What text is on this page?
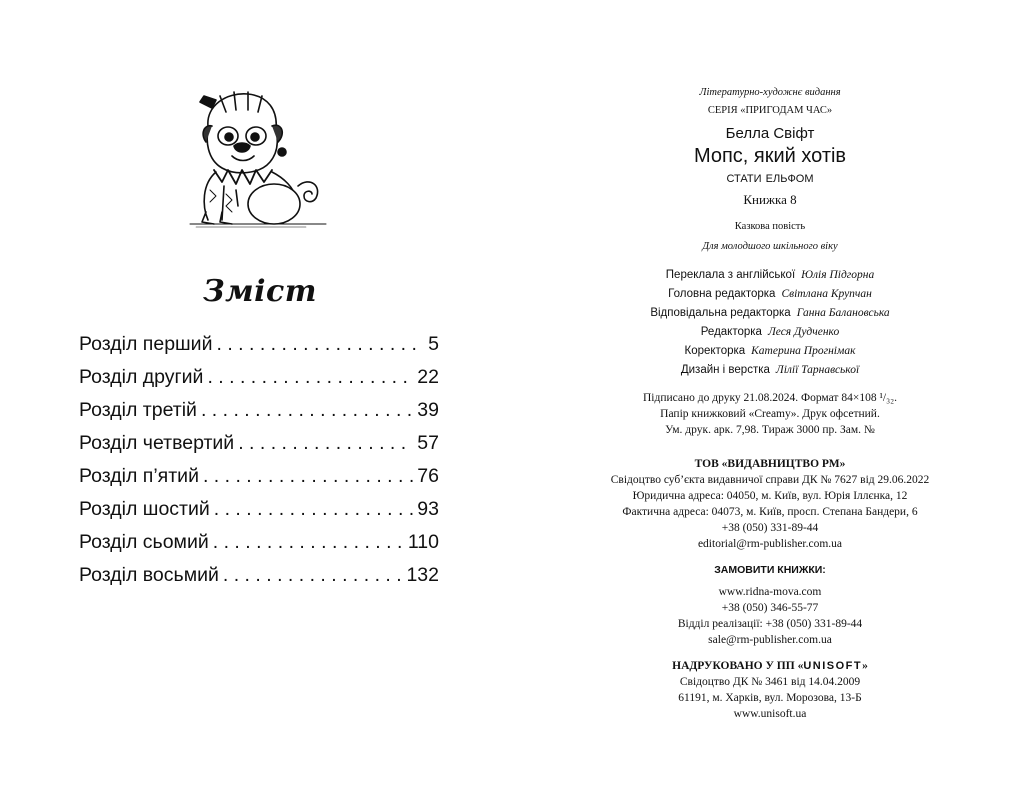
Зміст
Розділ перший . . .	5
Розділ другий . . .	22
Розділ третій . . .	39
Розділ четвертий . . .	57
Розділ п’ятий . . .	76
Розділ шостий . . .	93
Розділ сьомий . . .	110
Розділ восьмий . . .	132
Літературно-художнє видання
СЕРІЯ «ПРИГОДАМ ЧАС»
Белла Свіфт
Мопс, який хотів
стати ельфом
Книжка 8
Казкова повість
Для молодшого шкільного віку
Переклала з англійської Юлія Підгорна
Головна редакторка Світлана Крупчан
Відповідальна редакторка Ганна Балановська
Редакторка Леся Дудченко
Коректорка Катерина Прогнімак
Дизайн і верстка Лілії Тарнавської
Підписано до друку 21.08.2024. Формат 84×108 ¹/₃₂.
Папір книжковий «Creamy». Друк офсетний.
Ум. друк. арк. 7,98. Тираж 3000 пр. Зам. №
ТОВ «ВИДАВНИЦТВО РМ»
Свідоцтво суб’єкта видавничої справи ДК № 7627 від 29.06.2022
Юридична адреса: 04050, м. Київ, вул. Юрія Іллєнка, 12
Фактична адреса: 04073, м. Київ, просп. Степана Бандери, 6
+38 (050) 331-89-44
editorial@rm-publisher.com.ua
ЗАМОВИТИ КНИЖКИ:
www.ridna-mova.com
+38 (050) 346-55-77
Відділ реалізації: +38 (050) 331-89-44
sale@rm-publisher.com.ua
НАДРУКОВАНО У ПП «UNISOFT»
Свідоцтво ДК № 3461 від 14.04.2009
61191, м. Харків, вул. Морозова, 13-Б
www.unisoft.ua
